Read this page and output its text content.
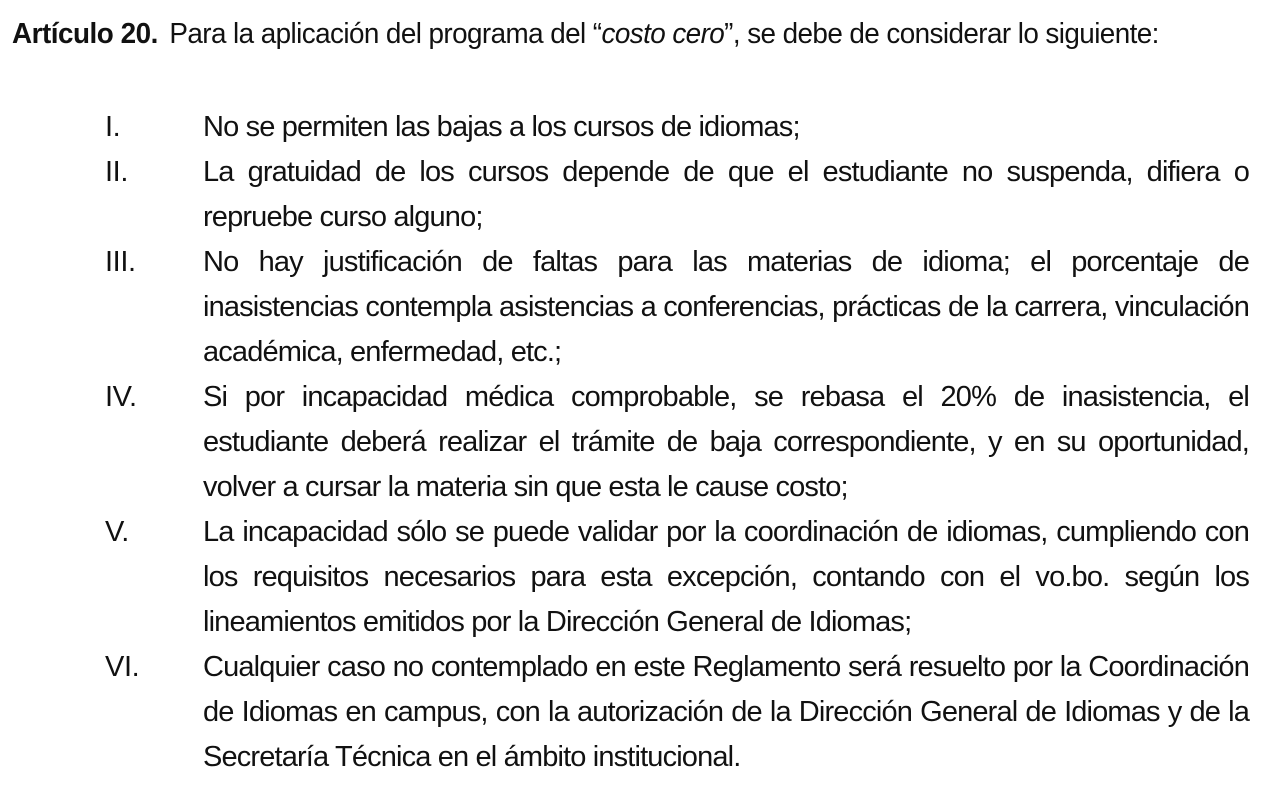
Artículo 20. Para la aplicación del programa del “costo cero”, se debe de considerar lo siguiente:

I.	No se permiten las bajas a los cursos de idiomas;

II.	La gratuidad de los cursos depende de que el estudiante no suspenda, difiera o repruebe curso alguno;

III.	No hay justificación de faltas para las materias de idioma; el porcentaje de inasistencias contempla asistencias a conferencias, prácticas de la carrera, vinculación académica, enfermedad, etc.;

IV.	Si por incapacidad médica comprobable, se rebasa el 20% de inasistencia, el estudiante deberá realizar el trámite de baja correspondiente, y en su oportunidad, volver a cursar la materia sin que esta le cause costo;

V.	La incapacidad sólo se puede validar por la coordinación de idiomas, cumpliendo con los requisitos necesarios para esta excepción, contando con el vo.bo. según los lineamientos emitidos por la Dirección General de Idiomas;

VI.	Cualquier caso no contemplado en este Reglamento será resuelto por la Coordinación de Idiomas en campus, con la autorización de la Dirección General de Idiomas y de la Secretaría Técnica en el ámbito institucional.
